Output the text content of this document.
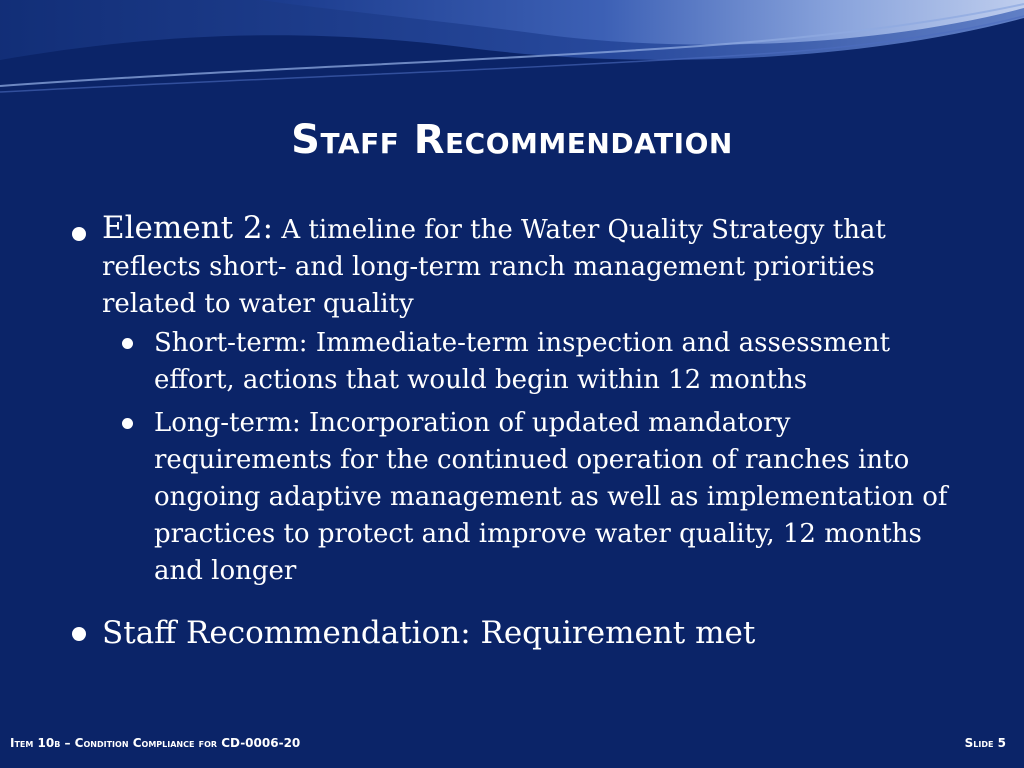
Staff Recommendation
Element 2: A timeline for the Water Quality Strategy that reflects short- and long-term ranch management priorities related to water quality
Short-term: Immediate-term inspection and assessment effort, actions that would begin within 12 months
Long-term: Incorporation of updated mandatory requirements for the continued operation of ranches into ongoing adaptive management as well as implementation of practices to protect and improve water quality, 12 months and longer
Staff Recommendation: Requirement met
Item 10b – Condition Compliance for CD-0006-20	Slide 5
